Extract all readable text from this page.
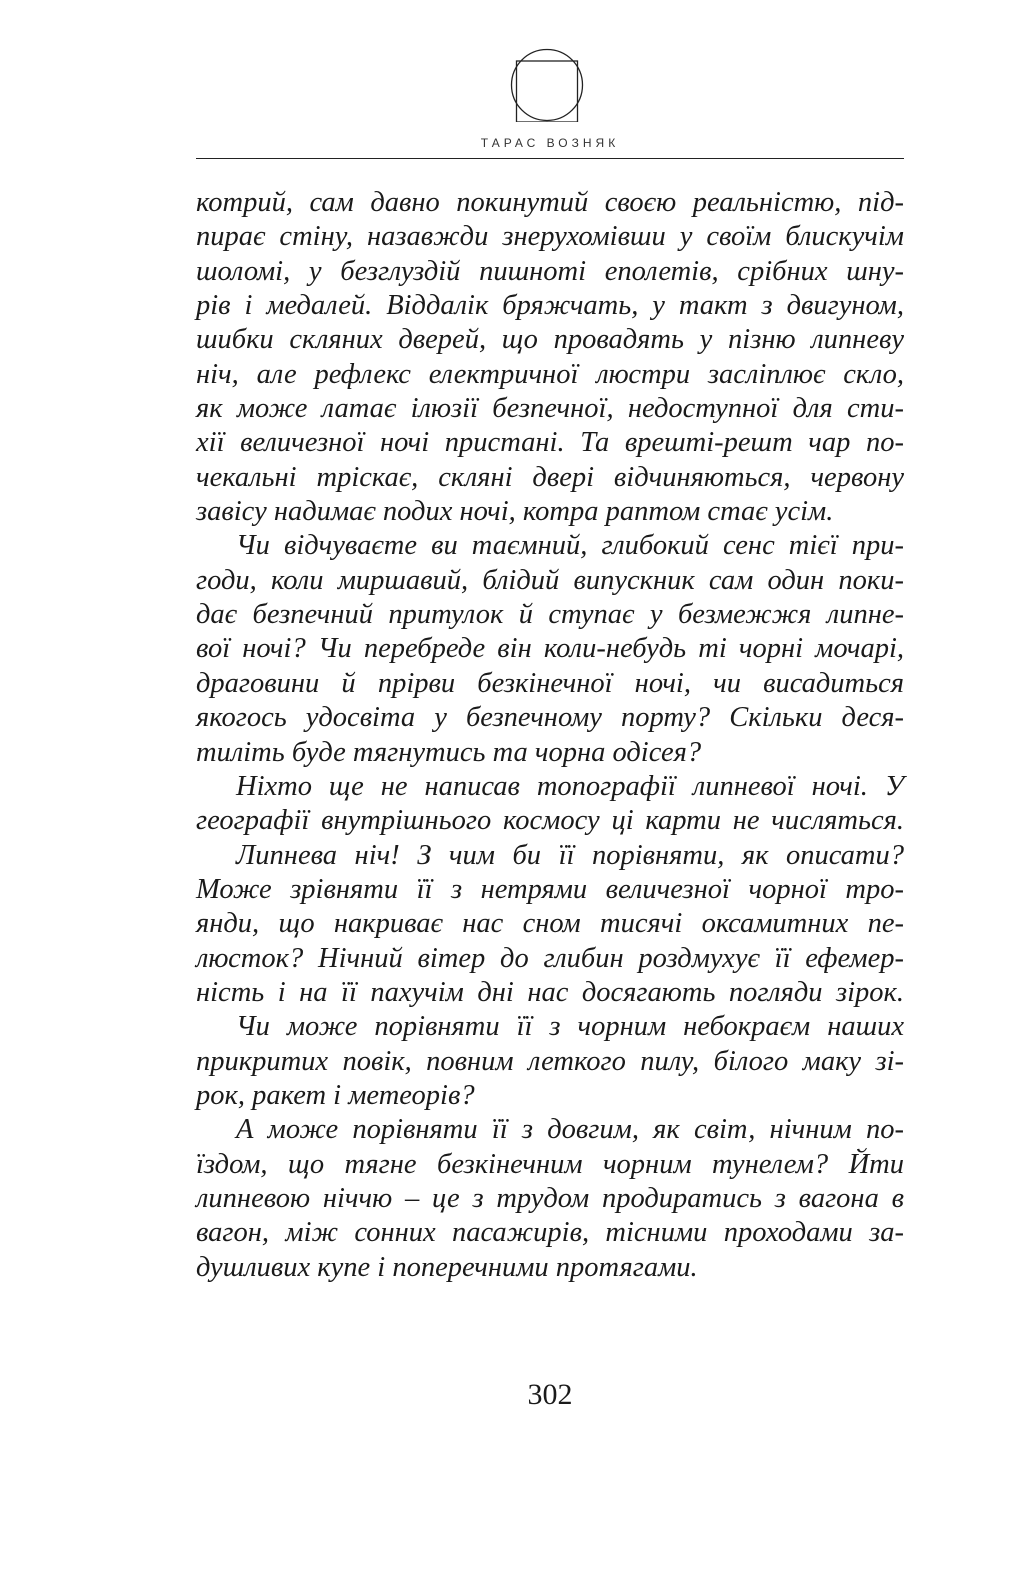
ТАРАС ВОЗНЯК
котрий, сам давно покинутий своєю реальністю, під-
пирає стіну, назавжди знерухомівши у своїм блискучім
шоломі, у безглуздій пишноті еполетів, срібних шну-
рів і медалей. Віддалік бряжчать, у такт з двигуном,
шибки скляних дверей, що провадять у пізню липневу
ніч, але рефлекс електричної люстри засліплює скло,
як може латає ілюзії безпечної, недоступної для сти-
хії величезної ночі пристані. Та врешті-решт чар по-
чекальні тріскає, скляні двері відчиняються, червону
завісу надимає подих ночі, котра раптом стає усім.
Чи відчуваєте ви таємний, глибокий сенс тієї при-
годи, коли миршавий, блідий випускник сам один поки-
дає безпечний притулок й ступає у безмежжя липне-
вої ночі? Чи перебреде він коли-небудь ті чорні мочарі,
драговини й прірви безкінечної ночі, чи висадиться
якогось удосвіта у безпечному порту? Скільки деся-
тиліть буде тягнутись та чорна одісея?
Ніхто ще не написав топографії липневої ночі. У
географії внутрішнього космосу ці карти не числяться.
Липнева ніч! З чим би її порівняти, як описати?
Може зрівняти її з нетрями величезної чорної тро-
янди, що накриває нас сном тисячі оксамитних пе-
люсток? Нічний вітер до глибин роздмухує її ефемер-
ність і на її пахучім дні нас досягають погляди зірок.
Чи може порівняти її з чорним небокраєм наших
прикритих повік, повним леткого пилу, білого маку зі-
рок, ракет і метеорів?
А може порівняти її з довгим, як світ, нічним по-
їздом, що тягне безкінечним чорним тунелем? Йти
липневою ніччю – це з трудом продиратись з вагона в
вагон, між сонних пасажирів, тісними проходами за-
душливих купе і поперечними протягами.
302
